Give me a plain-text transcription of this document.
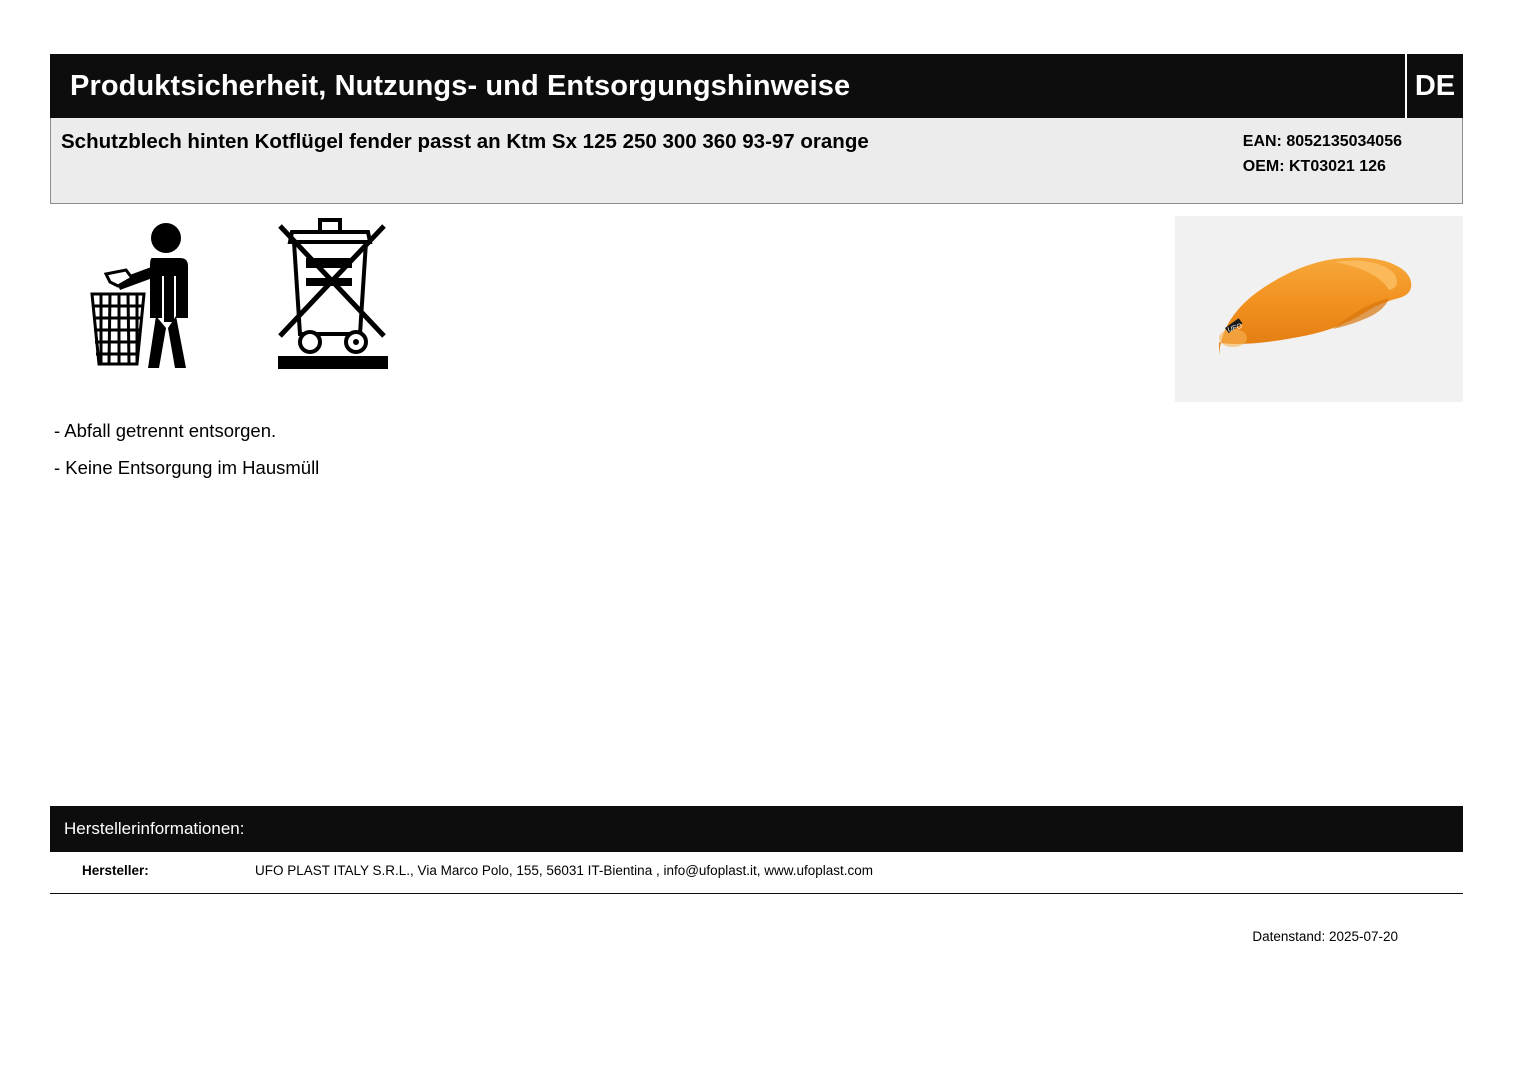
Produktsicherheit, Nutzungs- und Entsorgungshinweise	DE
Schutzblech hinten Kotflügel fender passt an Ktm Sx 125 250 300 360 93-97 orange	EAN: 8052135034056
OEM: KT03021 126
UFO
- Abfall getrennt entsorgen.
- Keine Entsorgung im Hausmüll
Herstellerinformationen:
Hersteller:	UFO PLAST ITALY S.R.L., Via Marco Polo, 155, 56031 IT-Bientina , info@ufoplast.it, www.ufoplast.com
Datenstand: 2025-07-20
